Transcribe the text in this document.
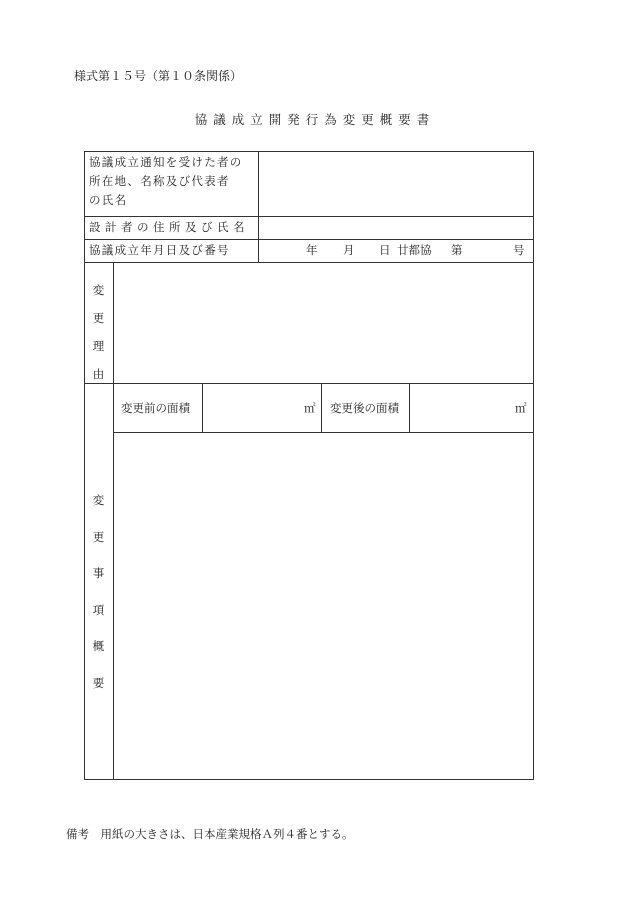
様式第１５号（第１０条関係）
協議成立開発行為変更概要書
協議成立通知を受けた者の
所在地、名称及び代表者
の氏名
設計者の住所及び氏名
協議成立年月日及び番号	年 月 日 廿都協 第	号
変
更
理
由
変更前の面積	㎡ 変更後の面積	㎡
変
更
事
項
概
要
備考　用紙の大きさは、日本産業規格Ａ列４番とする。
